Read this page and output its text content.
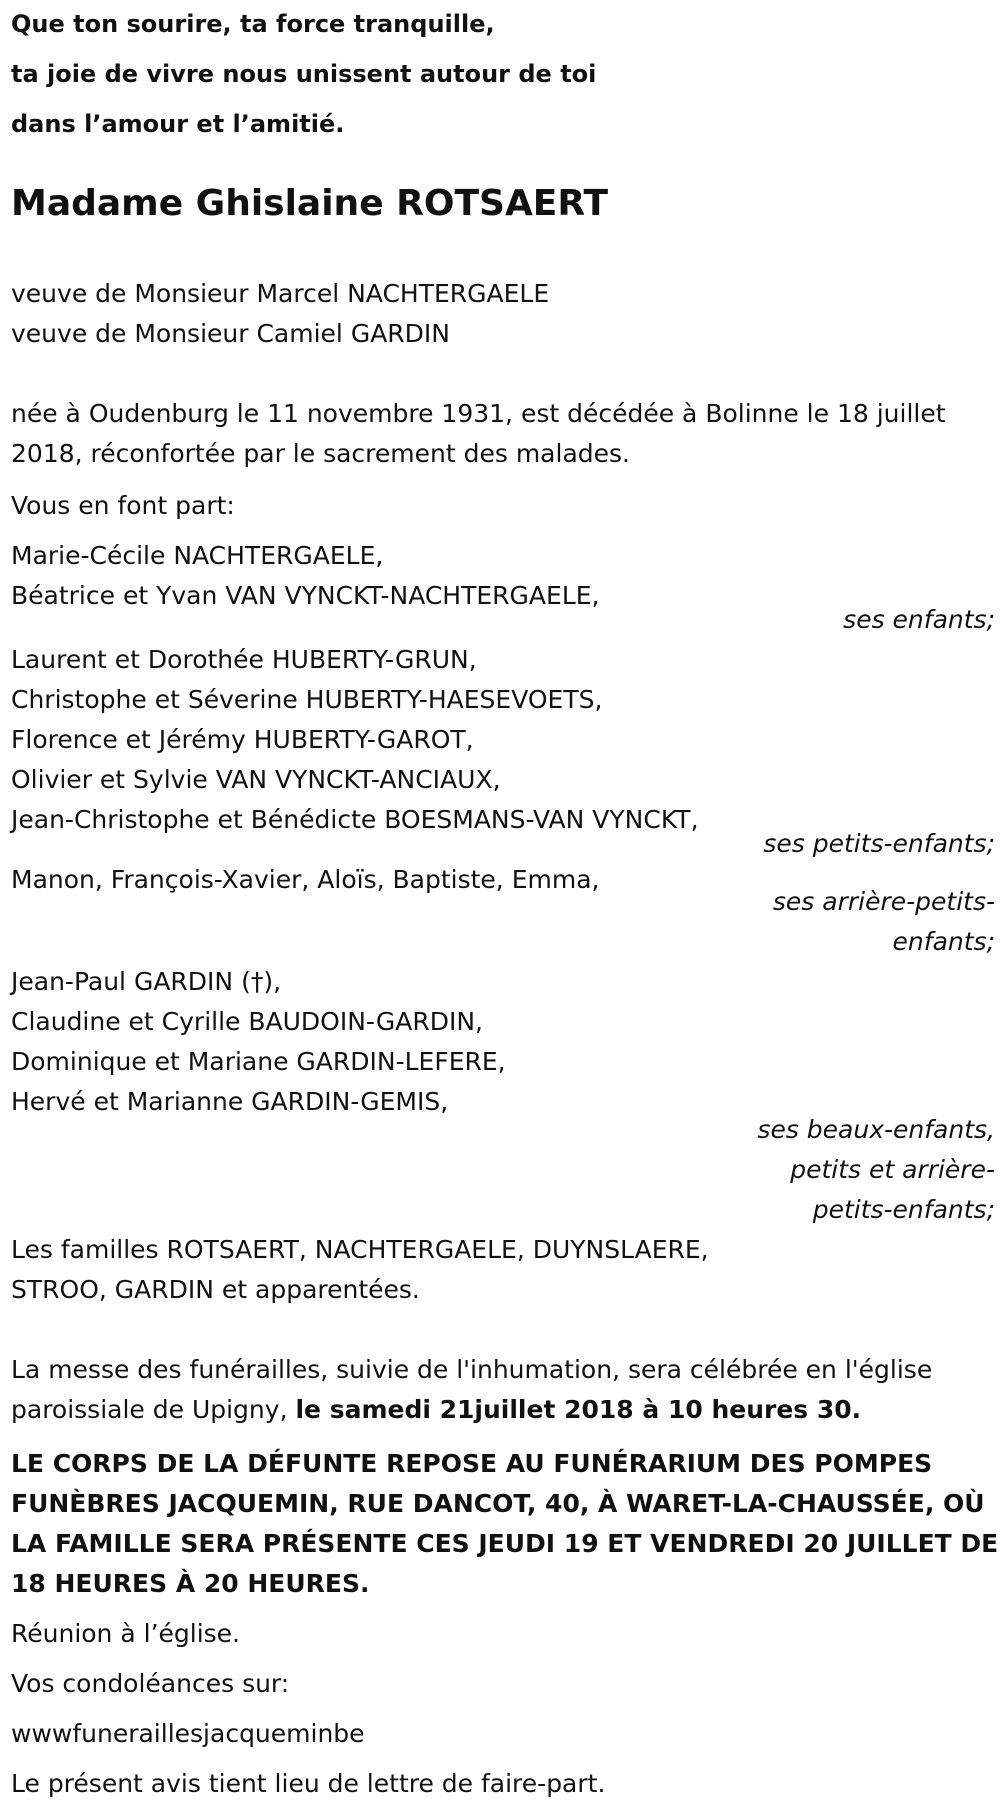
Que ton sourire, ta force tranquille,

ta joie de vivre nous unissent autour de toi

dans l’amour et l’amitié.

Madame Ghislaine ROTSAERT

veuve de Monsieur Marcel NACHTERGAELE

veuve de Monsieur Camiel GARDIN

née à Oudenburg le 11 novembre 1931, est décédée à Bolinne le 18 juillet

2018, réconfortée par le sacrement des malades.

Vous en font part:

Marie-Cécile NACHTERGAELE,

Béatrice et Yvan VAN VYNCKT-NACHTERGAELE,

ses enfants;

Laurent et Dorothée HUBERTY-GRUN,

Christophe et Séverine HUBERTY-HAESEVOETS,

Florence et Jérémy HUBERTY-GAROT,

Olivier et Sylvie VAN VYNCKT-ANCIAUX,

Jean-Christophe et Bénédicte BOESMANS-VAN VYNCKT,

ses petits-enfants;

Manon, François-Xavier, Aloïs, Baptiste, Emma,

ses arrière-petits-

enfants;

Jean-Paul GARDIN (†),

Claudine et Cyrille BAUDOIN-GARDIN,

Dominique et Mariane GARDIN-LEFERE,

Hervé et Marianne GARDIN-GEMIS,

ses beaux-enfants,

petits et arrière-

petits-enfants;

Les familles ROTSAERT, NACHTERGAELE, DUYNSLAERE,

STROO, GARDIN et apparentées.

La messe des funérailles, suivie de l'inhumation, sera célébrée en l'église

paroissiale de Upigny, le samedi 21juillet 2018 à 10 heures 30.

LE CORPS DE LA DÉFUNTE REPOSE AU FUNÉRARIUM DES POMPES

FUNÈBRES JACQUEMIN, RUE DANCOT, 40, À WARET-LA-CHAUSSÉE, OÙ

LA FAMILLE SERA PRÉSENTE CES JEUDI 19 ET VENDREDI 20 JUILLET DE

18 HEURES À 20 HEURES.

Réunion à l’église.

Vos condoléances sur:

wwwfuneraillesjacqueminbe

Le présent avis tient lieu de lettre de faire-part.
